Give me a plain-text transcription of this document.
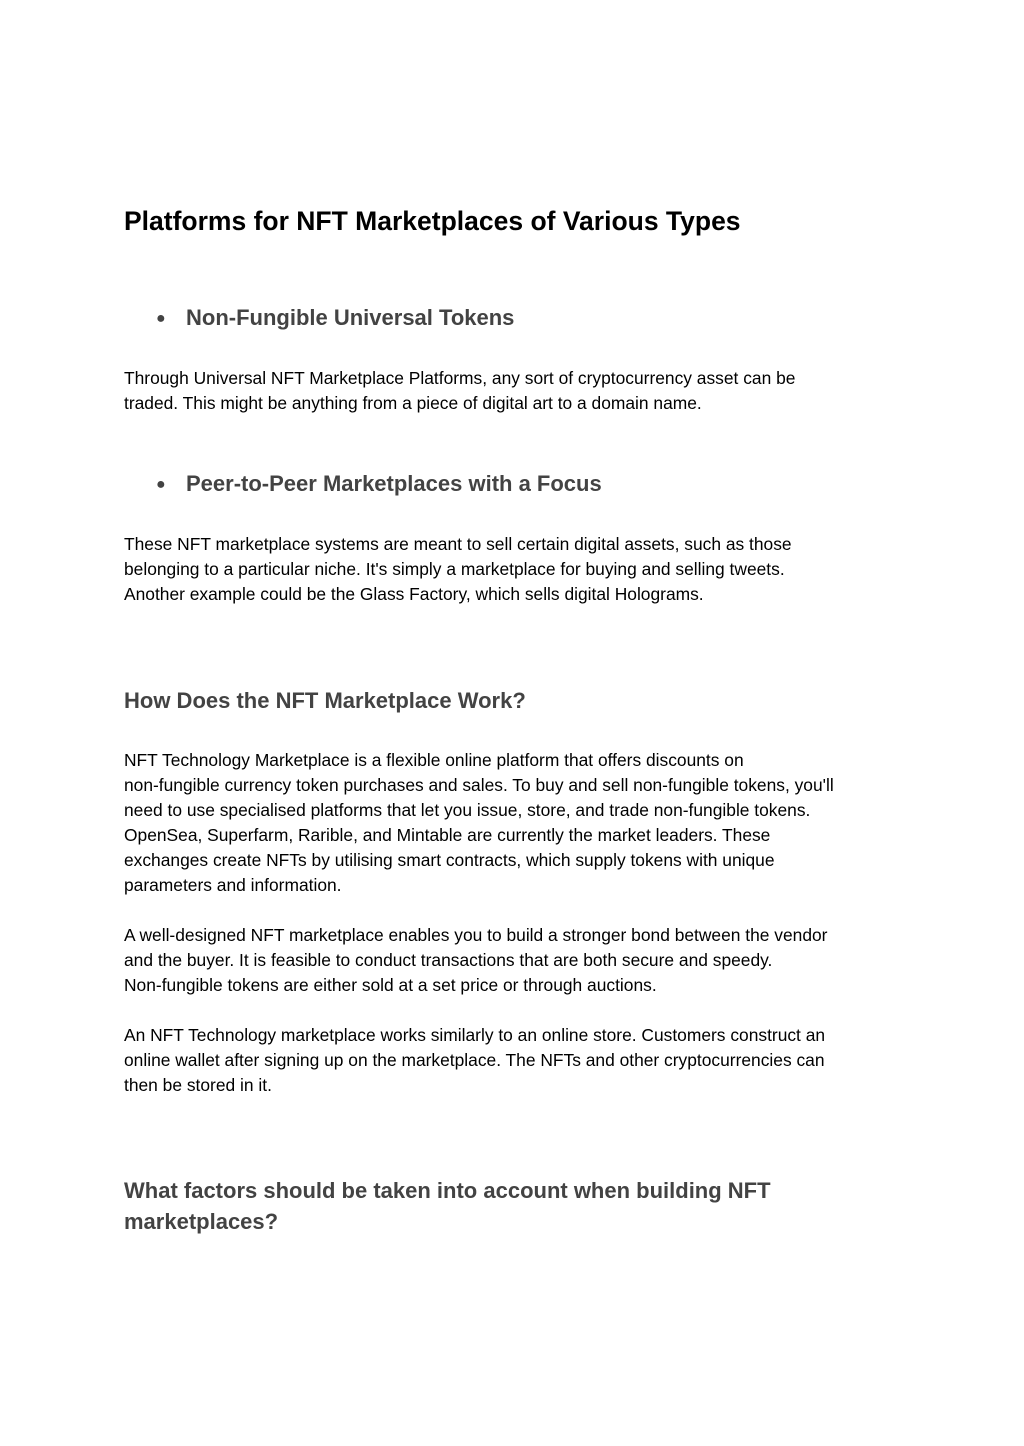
Platforms for NFT Marketplaces of Various Types
● Non-Fungible Universal Tokens

Through Universal NFT Marketplace Platforms, any sort of cryptocurrency asset can be
traded. This might be anything from a piece of digital art to a domain name.

● Peer-to-Peer Marketplaces with a Focus

These NFT marketplace systems are meant to sell certain digital assets, such as those
belonging to a particular niche. It's simply a marketplace for buying and selling tweets.
Another example could be the Glass Factory, which sells digital Holograms.

How Does the NFT Marketplace Work?

NFT Technology Marketplace is a flexible online platform that offers discounts on
non-fungible currency token purchases and sales. To buy and sell non-fungible tokens, you'll
need to use specialised platforms that let you issue, store, and trade non-fungible tokens.
OpenSea, Superfarm, Rarible, and Mintable are currently the market leaders. These
exchanges create NFTs by utilising smart contracts, which supply tokens with unique
parameters and information.

A well-designed NFT marketplace enables you to build a stronger bond between the vendor
and the buyer. It is feasible to conduct transactions that are both secure and speedy.
Non-fungible tokens are either sold at a set price or through auctions.

An NFT Technology marketplace works similarly to an online store. Customers construct an
online wallet after signing up on the marketplace. The NFTs and other cryptocurrencies can
then be stored in it.

What factors should be taken into account when building NFT
marketplaces?
